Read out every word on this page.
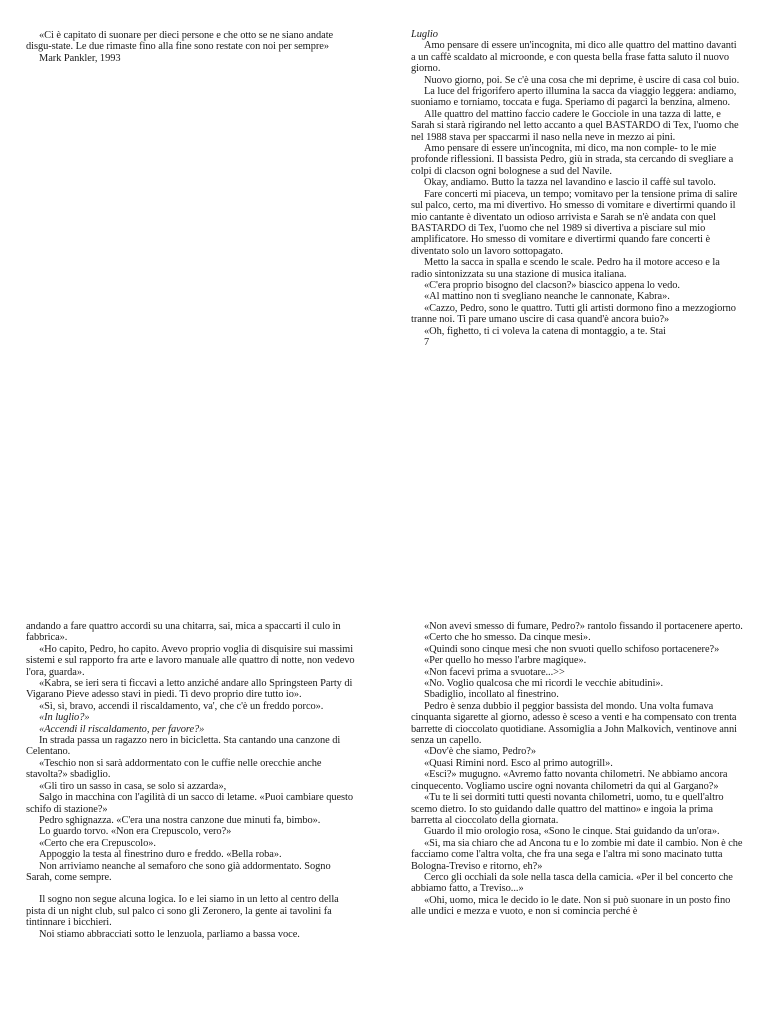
«Ci è capitato di suonare per dieci persone e che otto se ne siano andate disgu-state. Le due rimaste fino alla fine sono restate con noi per sempre»

Mark Pankler, 1993

Luglio

Amo pensare di essere un'incognita, mi dico alle quattro del mattino davanti a un caffè scaldato al microonde, e con questa bella frase fatta saluto il nuovo giorno.

Nuovo giorno, poi. Se c'è una cosa che mi deprime, è uscire di casa col buio.

La luce del frigorifero aperto illumina la sacca da viaggio leggera: andiamo, suoniamo e torniamo, toccata e fuga. Speriamo di pagarci la benzina, almeno.

Alle quattro del mattino faccio cadere le Gocciole in una tazza di latte, e Sarah si starà rigirando nel letto accanto a quel BASTARDO di Tex, l'uomo che nel 1988 stava per spaccarmi il naso nella neve in mezzo ai pini.

Amo pensare di essere un'incognita, mi dico, ma non comple- to le mie profonde riflessioni. Il bassista Pedro, giù in strada, sta cercando di svegliare a colpi di clacson ogni bolognese a sud del Navile.

Okay, andiamo. Butto la tazza nel lavandino e lascio il caffè sul tavolo.

Fare concerti mi piaceva, un tempo; vomitavo per la tensione prima di salire sul palco, certo, ma mi divertivo. Ho smesso di vomitare e divertirmi quando il mio cantante è diventato un odioso arrivista e Sarah se n'è andata con quel BASTARDO di Tex, l'uomo che nel 1989 si divertiva a pisciare sul mio amplificatore. Ho smesso di vomitare e divertirmi quando fare concerti è diventato solo un lavoro sottopagato.

Metto la sacca in spalla e scendo le scale. Pedro ha il motore acceso e la radio sintonizzata su una stazione di musica italiana.

«C'era proprio bisogno del clacson?» biascico appena lo vedo.

«Al mattino non ti svegliano neanche le cannonate, Kabra».

«Cazzo, Pedro, sono le quattro. Tutti gli artisti dormono fino a mezzogiorno tranne noi. Ti pare umano uscire di casa quand'è ancora buio?»

«Oh, fighetto, ti ci voleva la catena di montaggio, a te. Stai

7

andando a fare quattro accordi su una chitarra, sai, mica a spaccarti il culo in fabbrica».

«Ho capito, Pedro, ho capito. Avevo proprio voglia di disquisire sui massimi sistemi e sul rapporto fra arte e lavoro manuale alle quattro di notte, non vedevo l'ora, guarda».

«Kabra, se ieri sera ti ficcavi a letto anziché andare allo Springsteen Party di Vigarano Pieve adesso stavi in piedi. Ti devo proprio dire tutto io».

«Sì, sì, bravo, accendi il riscaldamento, va', che c'è un freddo porco».

«In luglio?»

«Accendi il riscaldamento, per favore?»

In strada passa un ragazzo nero in bicicletta. Sta cantando una canzone di Celentano.

«Teschio non si sarà addormentato con le cuffie nelle orecchie anche stavolta?» sbadiglio.

«Gli tiro un sasso in casa, se solo si azzarda»,

Salgo in macchina con l'agilità di un sacco di letame. «Puoi cambiare questo schifo di stazione?»

Pedro sghignazza. «C'era una nostra canzone due minuti fa, bimbo».

Lo guardo torvo. «Non era Crepuscolo, vero?»

«Certo che era Crepuscolo».

Appoggio la testa al finestrino duro e freddo. «Bella roba».

Non arriviamo neanche al semaforo che sono già addormentato. Sogno Sarah, come sempre.

Il sogno non segue alcuna logica. Io e lei siamo in un letto al centro della pista di un night club, sul palco ci sono gli Zeronero, la gente ai tavolini fa tintinnare i bicchieri.

Noi stiamo abbracciati sotto le lenzuola, parliamo a bassa voce.

«Non avevi smesso di fumare, Pedro?» rantolo fissando il portacenere aperto.

«Certo che ho smesso. Da cinque mesi».

«Quindi sono cinque mesi che non svuoti quello schifoso portacenere?»

«Per quello ho messo l'arbre magique».

«Non facevi prima a svuotare...>>

«No. Voglio qualcosa che mi ricordi le vecchie abitudini».

Sbadiglio, incollato al finestrino.

Pedro è senza dubbio il peggior bassista del mondo. Una volta fumava cinquanta sigarette al giorno, adesso è sceso a venti e ha compensato con trenta barrette di cioccolato quotidiane. Assomiglia a John Malkovich, ventinove anni senza un capello.

«Dov'è che siamo, Pedro?»

«Quasi Rimini nord. Esco al primo autogrill».

«Esci?» mugugno. «Avremo fatto novanta chilometri. Ne abbiamo ancora cinquecento. Vogliamo uscire ogni novanta chilometri da qui al Gargano?»

«Tu te li sei dormiti tutti questi novanta chilometri, uomo, tu e quell'altro scemo dietro. Io sto guidando dalle quattro del mattino» e ingoia la prima barretta al cioccolato della giornata.

Guardo il mio orologio rosa, «Sono le cinque. Stai guidando da un'ora».

«Sì, ma sia chiaro che ad Ancona tu e lo zombie mi date il cambio. Non è che facciamo come l'altra volta, che fra una sega e l'altra mi sono macinato tutta Bologna-Treviso e ritorno, eh?»

Cerco gli occhiali da sole nella tasca della camicia. «Per il bel concerto che abbiamo fatto, a Treviso...»

«Ohi, uomo, mica le decido io le date. Non si può suonare in un posto fino alle undici e mezza e vuoto, e non si comincia perché è
